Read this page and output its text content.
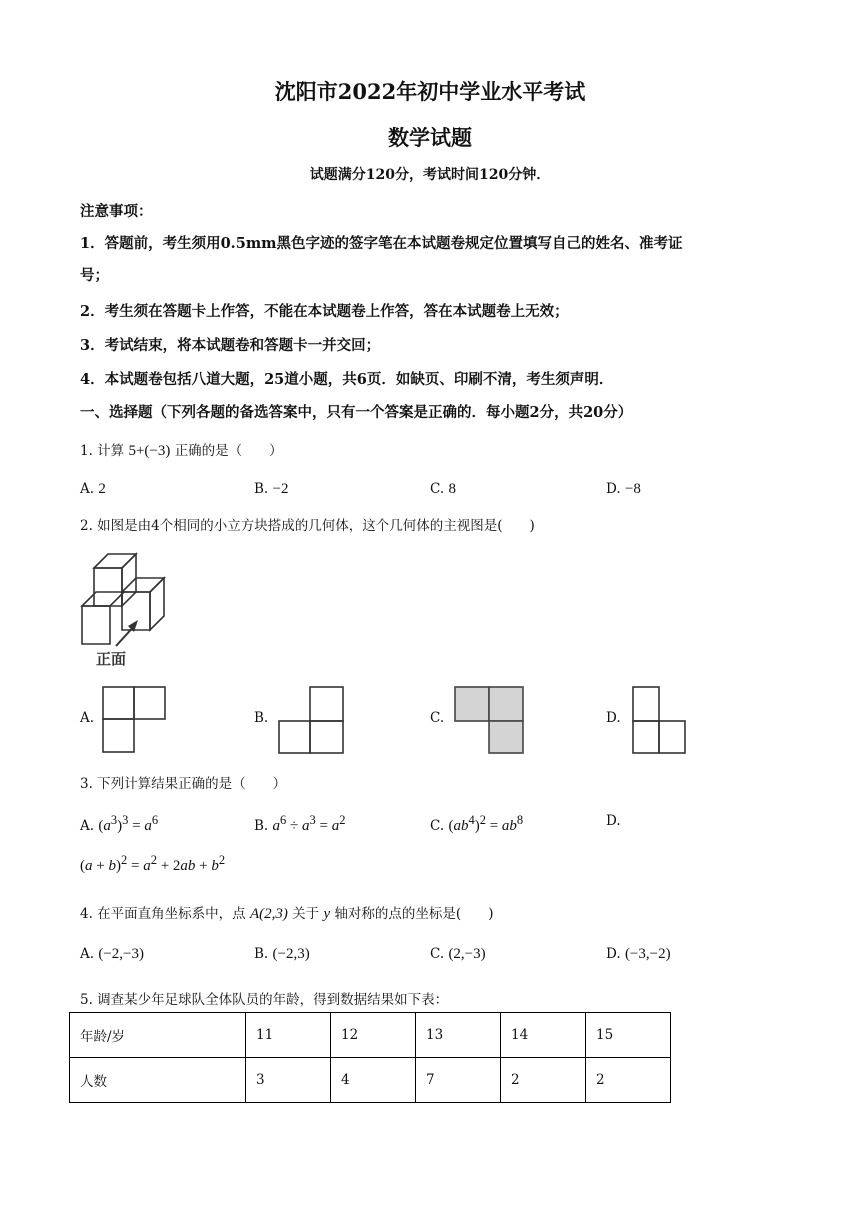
沈阳市2022年初中学业水平考试
数学试题
试题满分120分，考试时间120分钟．
注意事项：
1．答题前，考生须用0.5mm黑色字迹的签字笔在本试题卷规定位置填写自己的姓名、准考证
号；
2．考生须在答题卡上作答，不能在本试题卷上作答，答在本试题卷上无效；
3．考试结束，将本试题卷和答题卡一并交回；
4．本试题卷包括八道大题，25道小题，共6页．如缺页、印刷不清，考生须声明．
一、选择题（下列各题的备选答案中，只有一个答案是正确的．每小题2分，共20分）
1. 计算 5+(−3) 正确的是（　　）
A. 2	B. −2	C. 8	D. −8
2. 如图是由4个相同的小立方块搭成的几何体，这个几何体的主视图是(　　)
正面
A.	B.	C.	D.
3. 下列计算结果正确的是（　　）
A. $(a^3)^3 = a^6$	B. $a^6 \div a^3 = a^2$	C. $(ab^4)^2 = ab^8$	D.
$(a + b)^2 = a^2 + 2ab + b^2$
4. 在平面直角坐标系中，点 A(2,3) 关于 y 轴对称的点的坐标是(　　)
A. (−2,−3)	B. (−2,3)	C. (2,−3)	D. (−3,−2)
5. 调查某少年足球队全体队员的年龄，得到数据结果如下表：
年龄/岁	11	12	13	14	15
人数	3	4	7	2	2
